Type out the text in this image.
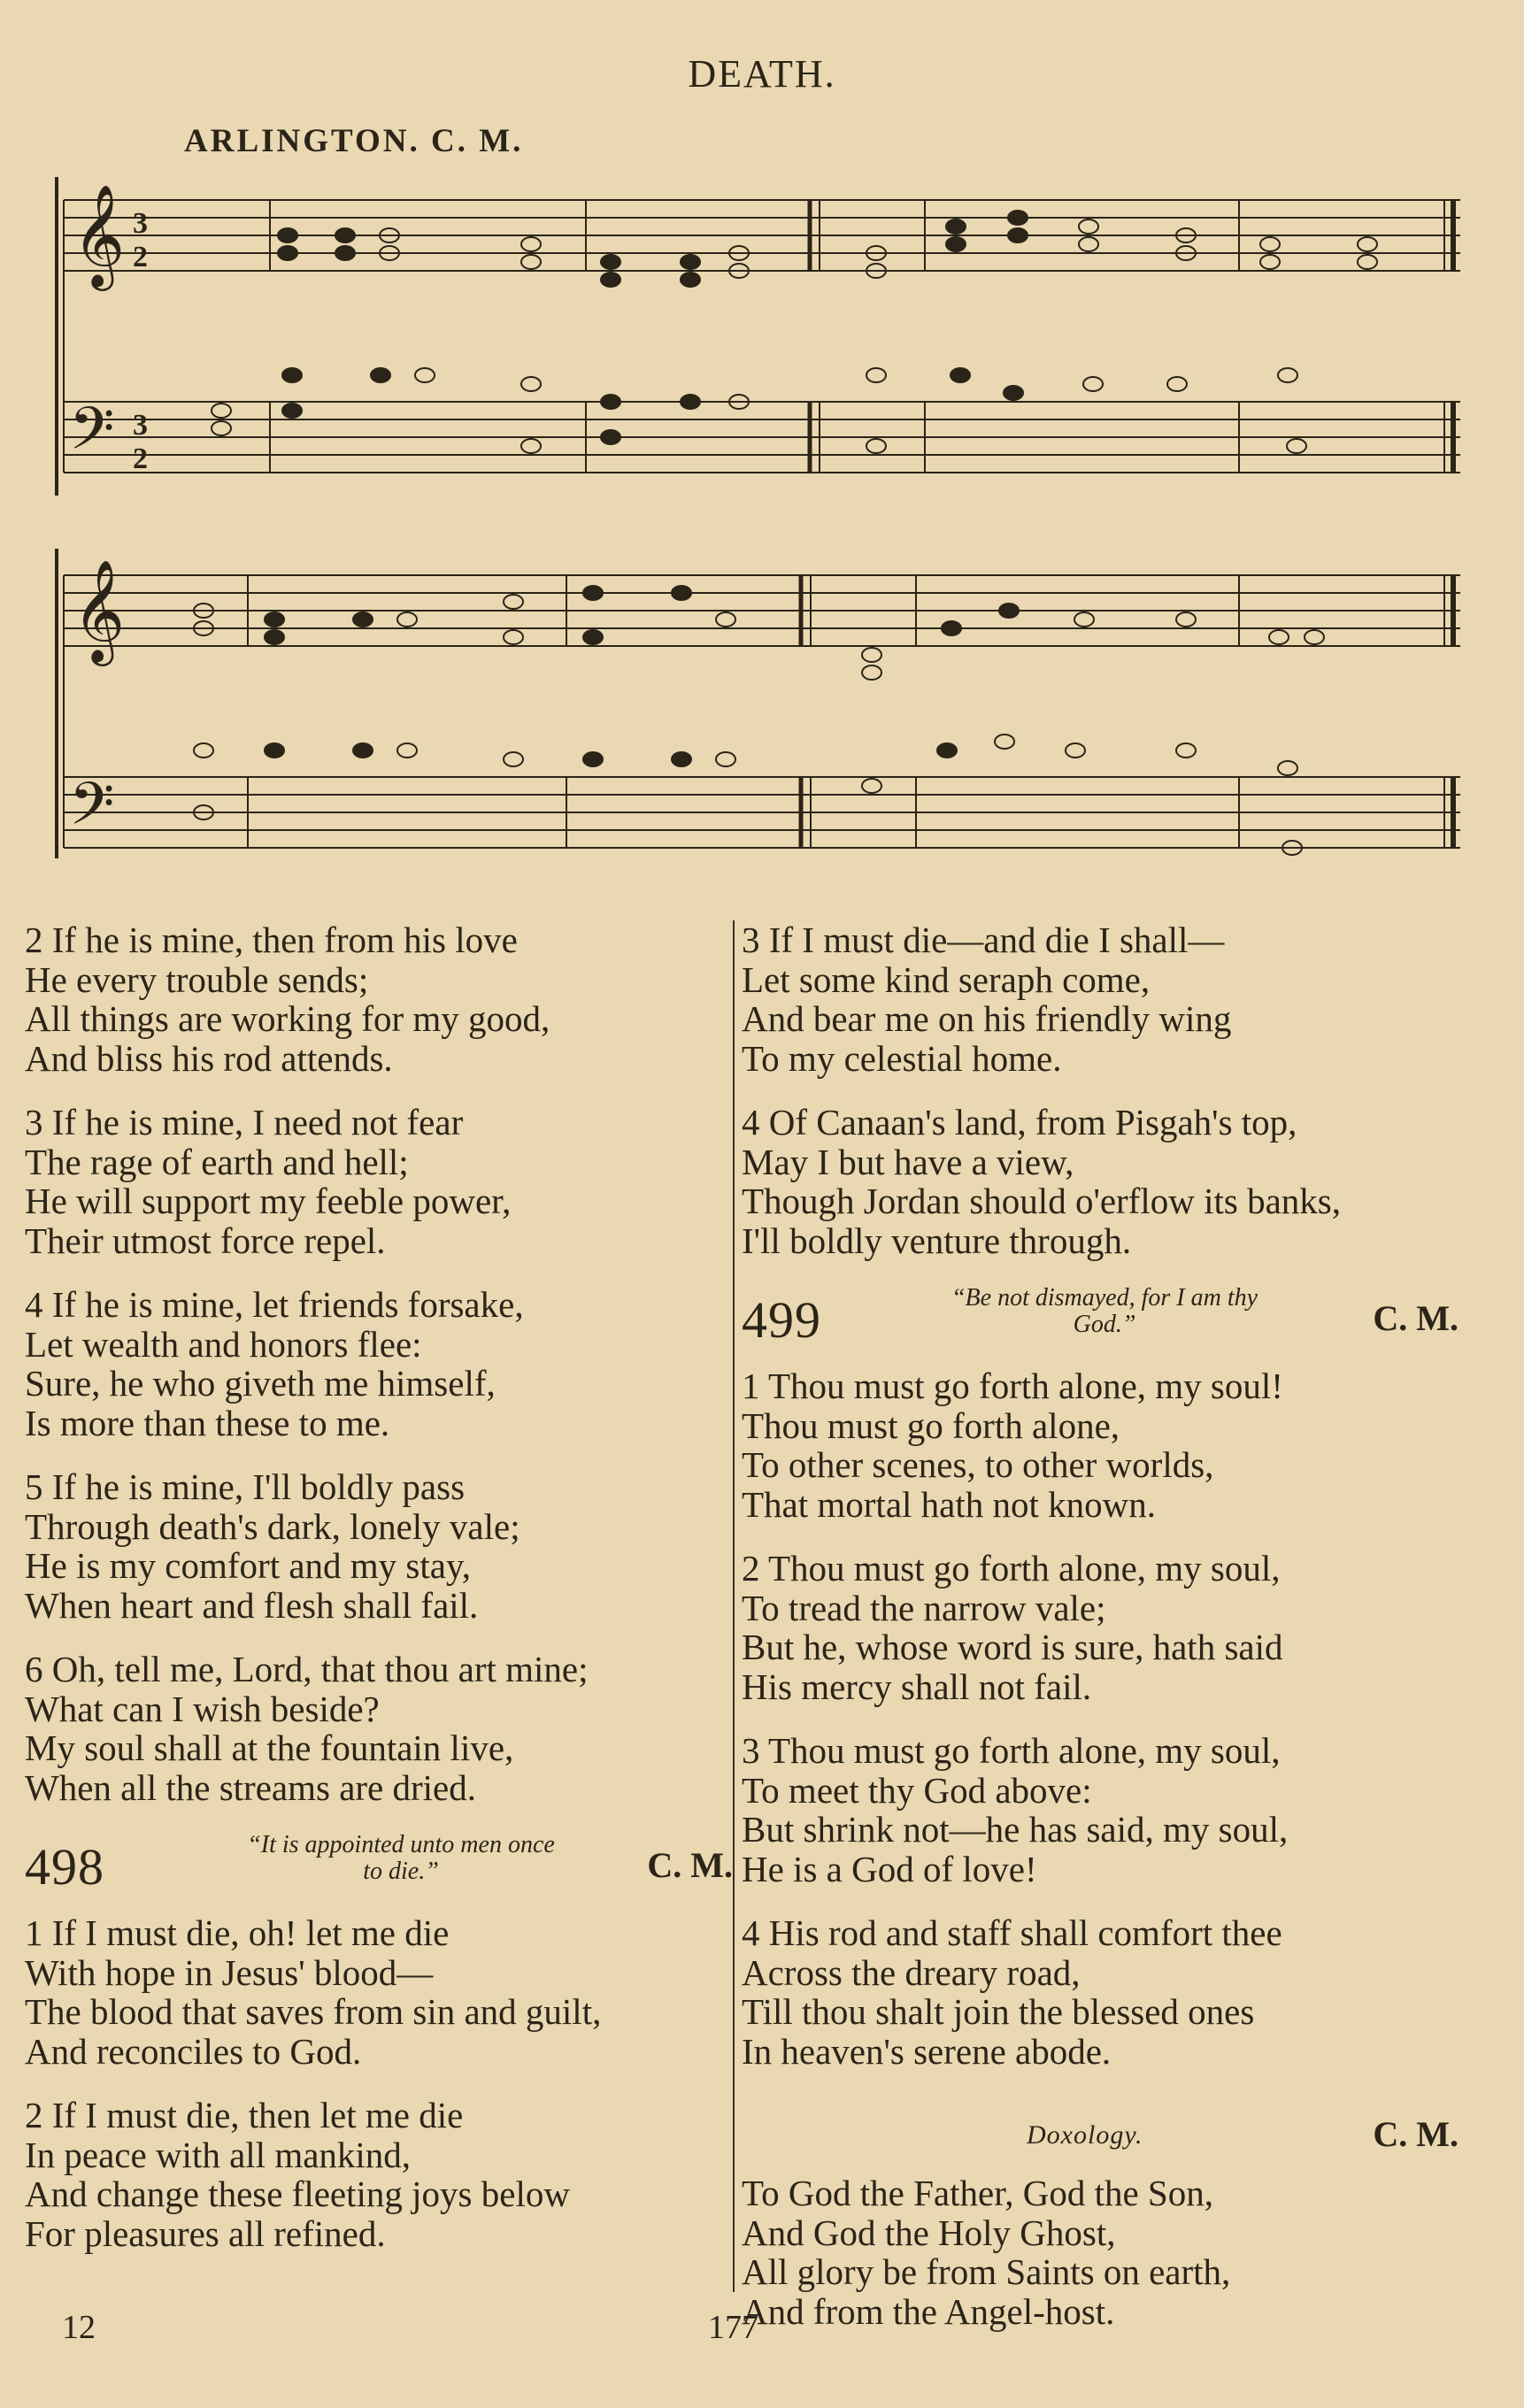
DEATH.
ARLINGTON. C. M.
𝄞
𝄢
3
2
3
2
𝄞
𝄢
2 If he is mine, then from his love
He every trouble sends;
All things are working for my good,
And bliss his rod attends.
3 If he is mine, I need not fear
The rage of earth and hell;
He will support my feeble power,
Their utmost force repel.
4 If he is mine, let friends forsake,
Let wealth and honors flee:
Sure, he who giveth me himself,
Is more than these to me.
5 If he is mine, I'll boldly pass
Through death's dark, lonely vale;
He is my comfort and my stay,
When heart and flesh shall fail.
6 Oh, tell me, Lord, that thou art mine;
What can I wish beside?
My soul shall at the fountain live,
When all the streams are dried.
498	“It is appointed unto men once
to die.”	C. M.
1 If I must die, oh! let me die
With hope in Jesus' blood—
The blood that saves from sin and guilt,
And reconciles to God.
2 If I must die, then let me die
In peace with all mankind,
And change these fleeting joys below
For pleasures all refined.
3 If I must die—and die I shall—
Let some kind seraph come,
And bear me on his friendly wing
To my celestial home.
4 Of Canaan's land, from Pisgah's top,
May I but have a view,
Though Jordan should o'erflow its banks,
I'll boldly venture through.
499	“Be not dismayed, for I am thy
God.”	C. M.
1 Thou must go forth alone, my soul!
Thou must go forth alone,
To other scenes, to other worlds,
That mortal hath not known.
2 Thou must go forth alone, my soul,
To tread the narrow vale;
But he, whose word is sure, hath said
His mercy shall not fail.
3 Thou must go forth alone, my soul,
To meet thy God above:
But shrink not—he has said, my soul,
He is a God of love!
4 His rod and staff shall comfort thee
Across the dreary road,
Till thou shalt join the blessed ones
In heaven's serene abode.
Doxology.	C. M.
To God the Father, God the Son,
And God the Holy Ghost,
All glory be from Saints on earth,
And from the Angel-host.
12	177
